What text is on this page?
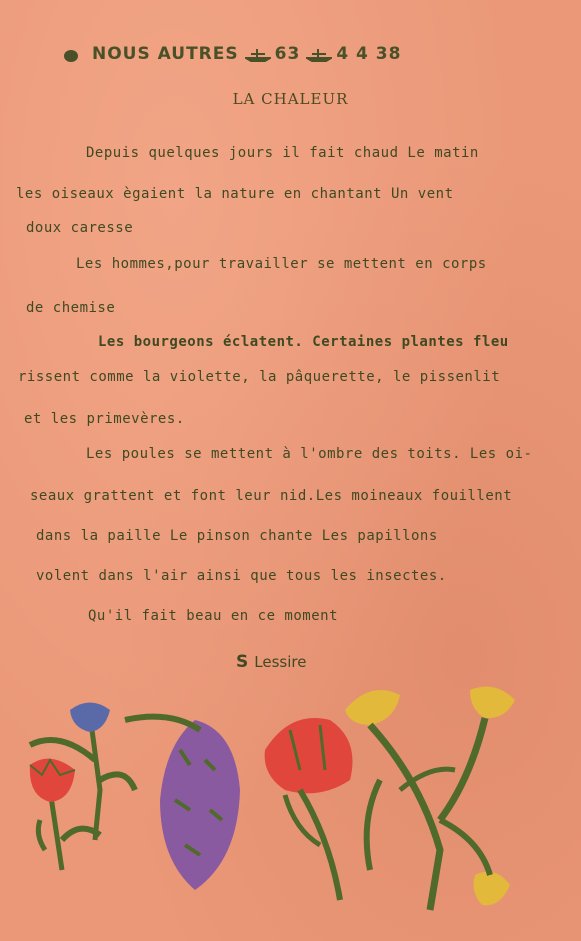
NOUS AUTRES 63 4 4 38
LA CHALEUR
Depuis quelques jours il fait chaud Le matin
les oiseaux ègaient la nature en chantant Un vent
doux caresse
Les hommes,pour travailler se mettent en corps
de chemise
Les bourgeons éclatent. Certaines plantes fleu
rissent comme la violette, la pâquerette, le pissenlit
et les primevères.
Les poules se mettent à l'ombre des toits. Les oi-
seaux grattent et font leur nid.Les moineaux fouillent
dans la paille Le pinson chante Les papillons
volent dans l'air ainsi que tous les insectes.
Qu'il fait beau en ce moment
S Lessire
